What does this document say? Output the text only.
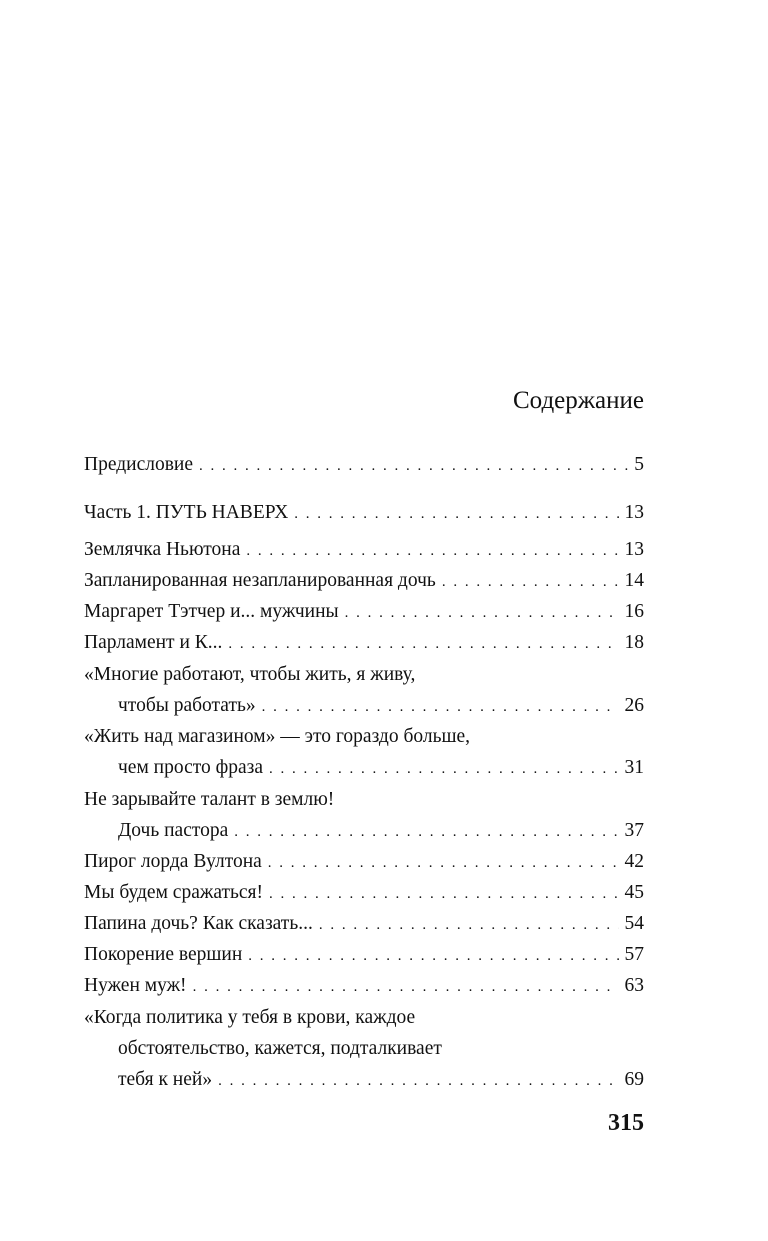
Содержание
Предисловие . . .	5
Часть 1. ПУТЬ НАВЕРХ . . .	13
Землячка Ньютона . . .	13
Запланированная незапланированная дочь . . .	14
Маргарет Тэтчер и... мужчины . . .	16
Парламент и К... . . .	18
«Многие работают, чтобы жить, я живу,
чтобы работать» . . .	26
«Жить над магазином» — это гораздо больше,
чем просто фраза . . .	31
Не зарывайте талант в землю!
Дочь пастора . . .	37
Пирог лорда Вултона . . .	42
Мы будем сражаться! . . .	45
Папина дочь? Как сказать... . . .	54
Покорение вершин . . .	57
Нужен муж! . . .	63
«Когда политика у тебя в крови, каждое
обстоятельство, кажется, подталкивает
тебя к ней» . . .	69
315
